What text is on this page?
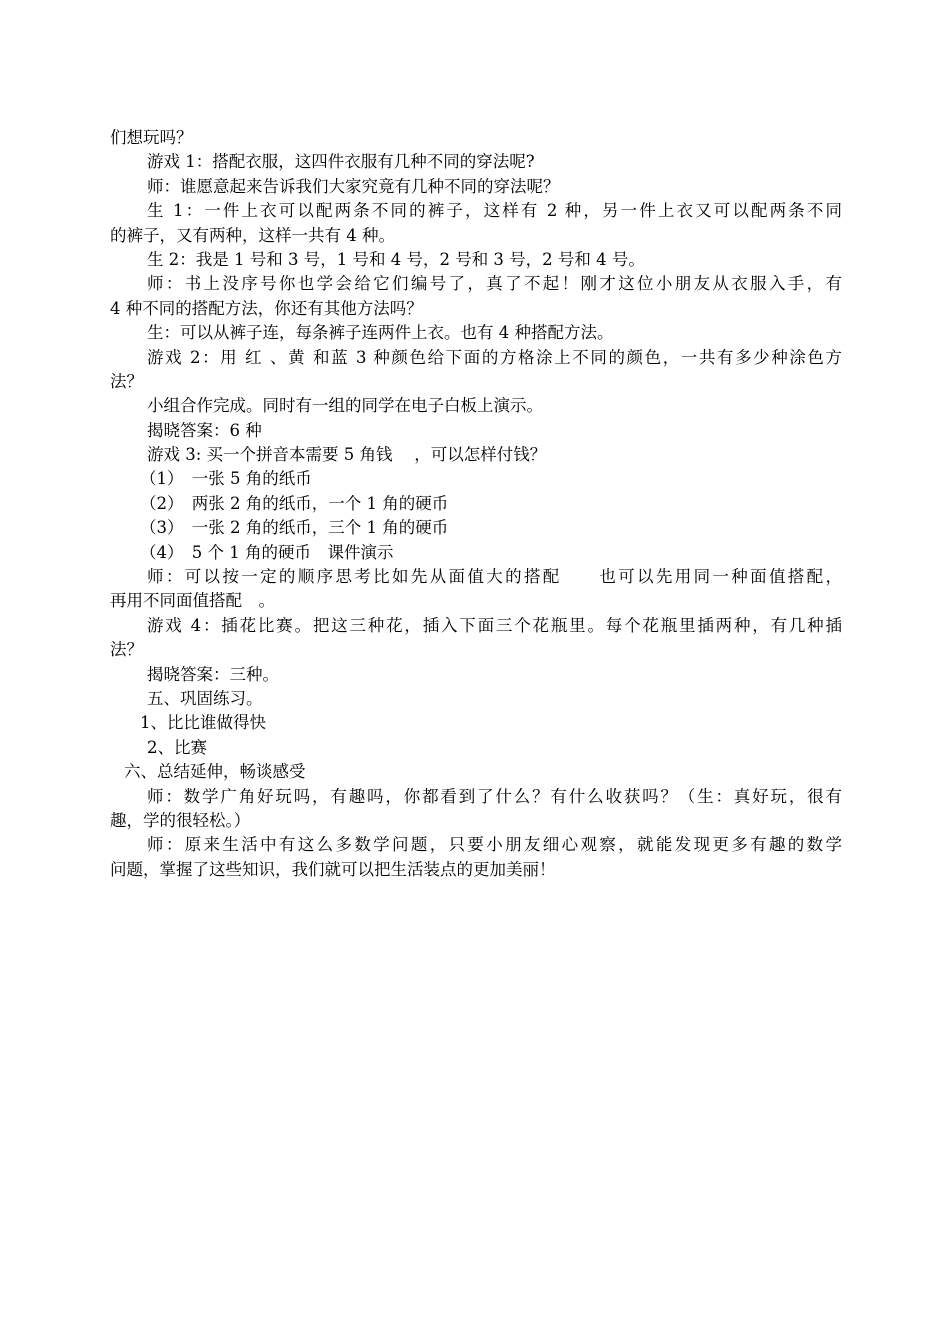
们想玩吗？
游戏 1：搭配衣服，这四件衣服有几种不同的穿法呢?
师：谁愿意起来告诉我们大家究竟有几种不同的穿法呢？
生 1：一件上衣可以配两条不同的裤子，这样有 2 种，另一件上衣又可以配两条不同
的裤子，又有两种，这样一共有 4 种。
生 2：我是 1 号和 3 号，1 号和 4 号，2 号和 3 号，2 号和 4 号。
师：书上没序号你也学会给它们编号了，真了不起！刚才这位小朋友从衣服入手，有
4 种不同的搭配方法，你还有其他方法吗？
生：可以从裤子连，每条裤子连两件上衣。也有 4 种搭配方法。
游戏 2：用 红 、黄 和蓝 3 种颜色给下面的方格涂上不同的颜色，一共有多少种涂色方
法？
小组合作完成。同时有一组的同学在电子白板上演示。
揭晓答案：6 种
游戏 3: 买一个拼音本需要 5 角钱　 ，可以怎样付钱？
（1）　一张 5 角的纸币
（2）　两张 2 角的纸币，一个 1 角的硬币
（3）　一张 2 角的纸币，三个 1 角的硬币
（4）　5 个 1 角的硬币　课件演示
师：可以按一定的顺序思考比如先从面值大的搭配　　也可以先用同一种面值搭配，
再用不同面值搭配　。
游戏 4：插花比赛。把这三种花，插入下面三个花瓶里。每个花瓶里插两种，有几种插
法？
揭晓答案：三种。
五、巩固练习。
1、比比谁做得快
2、比赛
六、总结延伸，畅谈感受
师：数学广角好玩吗，有趣吗，你都看到了什么？有什么收获吗？（生：真好玩，很有
趣，学的很轻松。）
师：原来生活中有这么多数学问题，只要小朋友细心观察，就能发现更多有趣的数学
问题，掌握了这些知识，我们就可以把生活装点的更加美丽！
